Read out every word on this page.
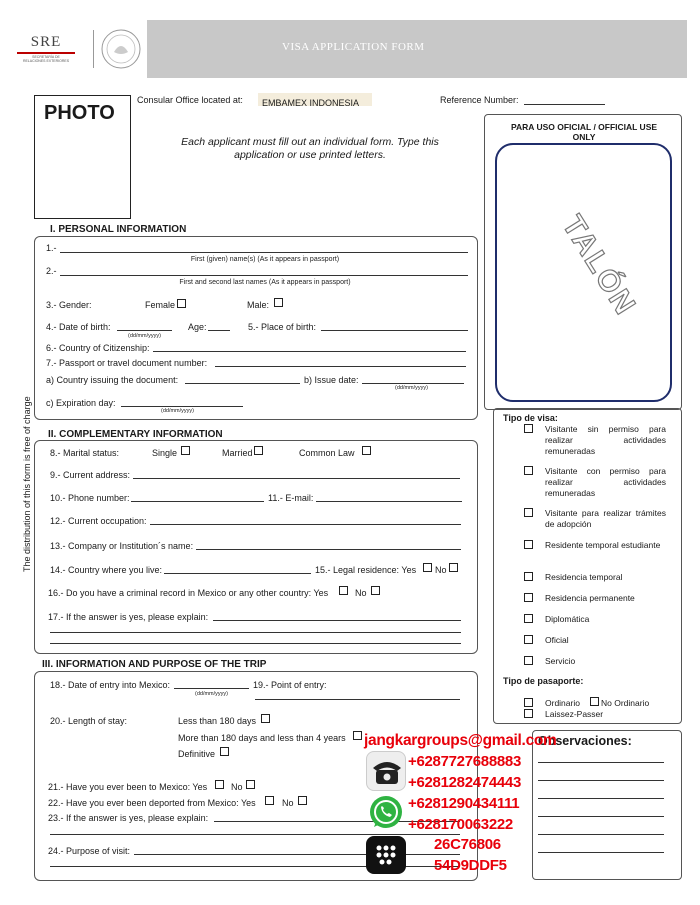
SRE
SECRETARÍA DE
RELACIONES EXTERIORES
VISA APPLICATION FORM
PHOTO
Consular Office located at:	EMBAMEX INDONESIA	Reference Number:
Each applicant must fill out an individual form. Type this application or use printed letters.
The distribution of this form is free of charge
PARA USO OFICIAL / OFFICIAL USE ONLY
TALÓN
Tipo de visa:
Visitante sin permiso para realizar actividades remuneradas
Visitante con permiso para realizar actividades remuneradas
Visitante para realizar trámites de adopción
Residente temporal estudiante
Residencia temporal
Residencia permanente
Diplomática
Oficial
Servicio
Tipo de pasaporte:
Ordinario No Ordinario
Laissez-Passer
Observaciones:
I. PERSONAL INFORMATION
1.-
First (given) name(s) (As it appears in passport)
2.-
First and second last names (As it appears in passport)
3.- Gender:	Female	Male:
4.- Date of birth:
(dd/mm/yyyy)
Age:	5.- Place of birth:
6.- Country of Citizenship:
7.- Passport or travel document number:
a) Country issuing the document:	b) Issue date:
(dd/mm/yyyy)
c) Expiration day:
(dd/mm/yyyy)
II. COMPLEMENTARY INFORMATION
8.- Marital status:	Single	Married	Common Law
9.- Current address:
10.- Phone number:	11.- E-mail:
12.- Current occupation:
13.- Company or Institution´s name:
14.- Country where you live:	15.- Legal residence: Yes No
16.- Do you have a criminal record in Mexico or any other country: Yes	No
17.- If the answer is yes, please explain:
III. INFORMATION AND PURPOSE OF THE TRIP
18.- Date of entry into Mexico:
(dd/mm/yyyy)
19.- Point of entry:
20.- Length of stay:	Less than 180 days
More than 180 days and less than 4 years
Definitive
21.- Have you ever been to Mexico: Yes	No
22.- Have you ever been deported from Mexico: Yes	No
23.- If the answer is yes, please explain:
24.- Purpose of visit:
jangkargroups@gmail.com
+6287727688883
+6281282474443
+6281290434111
+628170063222
26C76806
54D9DDF5
